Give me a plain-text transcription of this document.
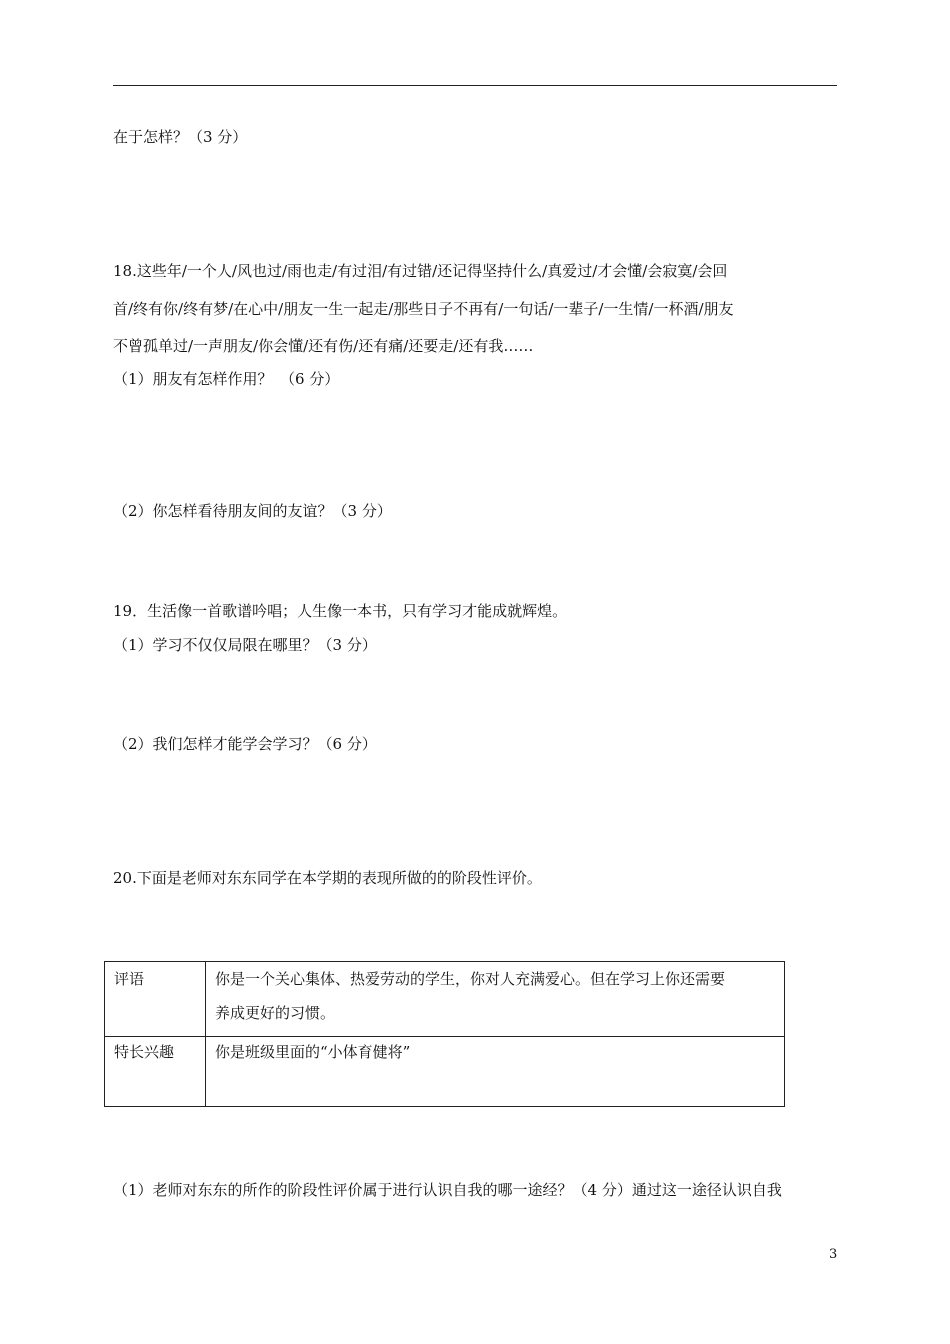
在于怎样？（3 分）
18.这些年/一个人/风也过/雨也走/有过泪/有过错/还记得坚持什么/真爱过/才会懂/会寂寞/会回
首/终有你/终有梦/在心中/朋友一生一起走/那些日子不再有/一句话/一辈子/一生情/一杯酒/朋友
不曾孤单过/一声朋友/你会懂/还有伤/还有痛/还要走/还有我……
（1）朋友有怎样作用？　（6 分）
（2）你怎样看待朋友间的友谊？（3 分）
19．生活像一首歌谱吟唱；人生像一本书，只有学习才能成就辉煌。
（1）学习不仅仅局限在哪里？（3 分）
（2）我们怎样才能学会学习？（6 分）
20.下面是老师对东东同学在本学期的表现所做的的阶段性评价。
评语	你是一个关心集体、热爱劳动的学生，你对人充满爱心。但在学习上你还需要
养成更好的习惯。

特长兴趣	你是班级里面的“小体育健将”
（1）老师对东东的所作的阶段性评价属于进行认识自我的哪一途经？（4 分）通过这一途径认识自我
3
